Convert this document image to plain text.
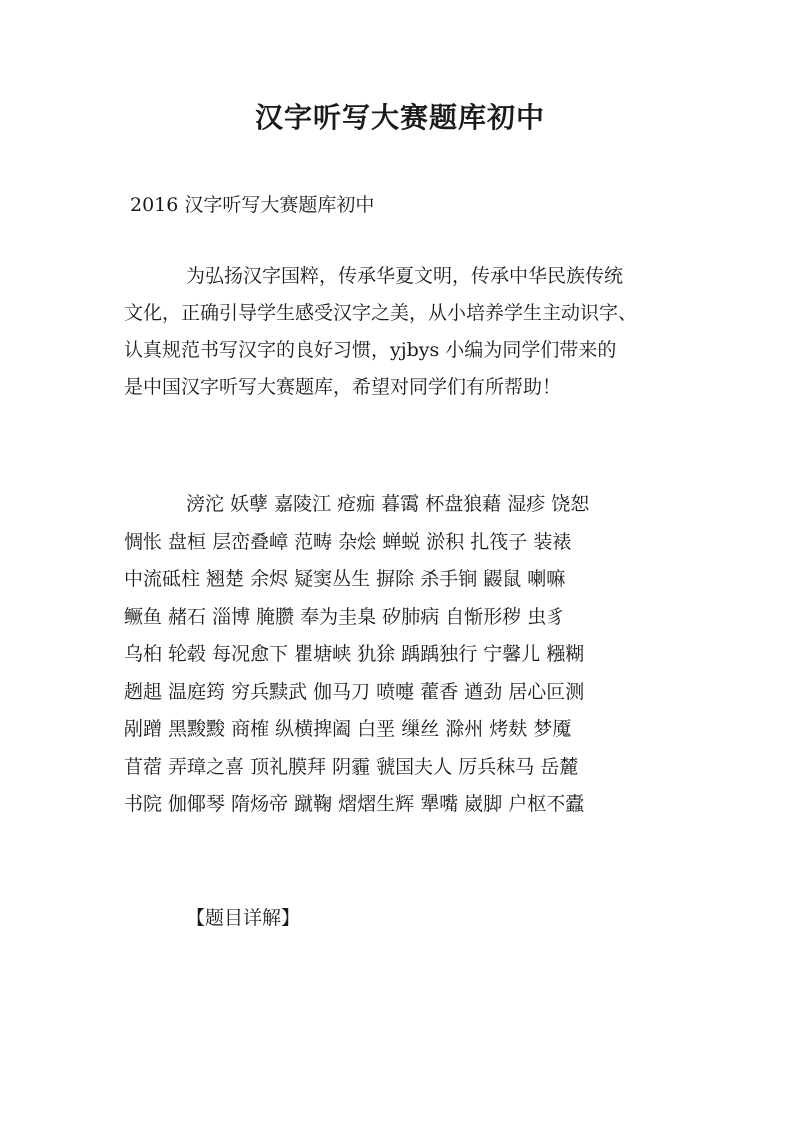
汉字听写大赛题库初中

2016 汉字听写大赛题库初中

为弘扬汉字国粹，传承华夏文明，传承中华民族传统
文化，正确引导学生感受汉字之美，从小培养学生主动识字、
认真规范书写汉字的良好习惯，yjbys 小编为同学们带来的
是中国汉字听写大赛题库，希望对同学们有所帮助！

滂沱 妖孽 嘉陵江 疮痂 暮霭 杯盘狼藉 湿疹 饶恕
惆怅 盘桓 层峦叠嶂 范畴 杂烩 蝉蜕 淤积 扎筏子 装裱
中流砥柱 翘楚 余烬 疑窦丛生 摒除 杀手锏 鼹鼠 喇嘛
鳜鱼 赭石 淄博 腌臜 奉为圭臬 矽肺病 自惭形秽 虫豸
乌桕 轮毂 每况愈下 瞿塘峡 犰狳 踽踽独行 宁馨儿 糨糊
趔趄 温庭筠 穷兵黩武 伽马刀 喷嚏 藿香 遒劲 居心叵测
剐蹭 黑黢黢 商榷 纵横捭阖 白垩 缫丝 滁州 烤麸 梦魇
苜蓿 弄璋之喜 顶礼膜拜 阴霾 虢国夫人 厉兵秣马 岳麓
书院 伽倻琴 隋炀帝 蹴鞠 熠熠生辉 犟嘴 崴脚 户枢不蠹

【题目详解】
